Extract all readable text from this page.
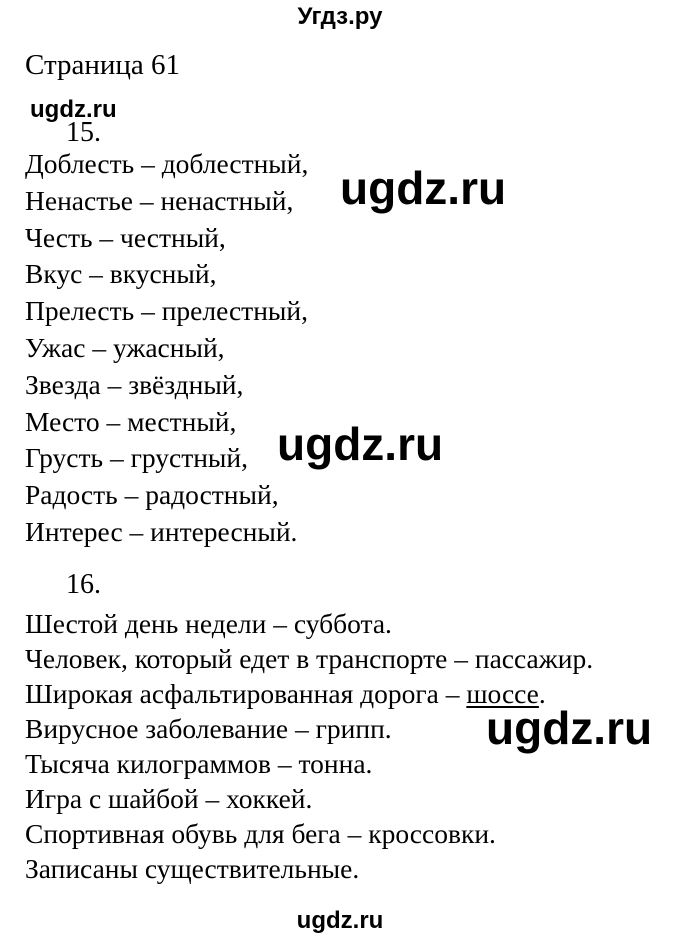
Угдз.ру
Страница 61
ugdz.ru
15.
Доблесть – доблестный,
Ненастье – ненастный,
Честь – честный,
Вкус – вкусный,
Прелесть – прелестный,
Ужас – ужасный,
Звезда – звёздный,
Место – местный,
Грусть – грустный,
Радость – радостный,
Интерес – интересный.
16.
Шестой день недели – суббота.
Человек, который едет в транспорте – пассажир.
Широкая асфальтированная дорога – шоссе.
Вирусное заболевание – грипп.
Тысяча килограммов – тонна.
Игра с шайбой – хоккей.
Спортивная обувь для бега – кроссовки.
Записаны существительные.
ugdz.ru
ugdz.ru
ugdz.ru
ugdz.ru
